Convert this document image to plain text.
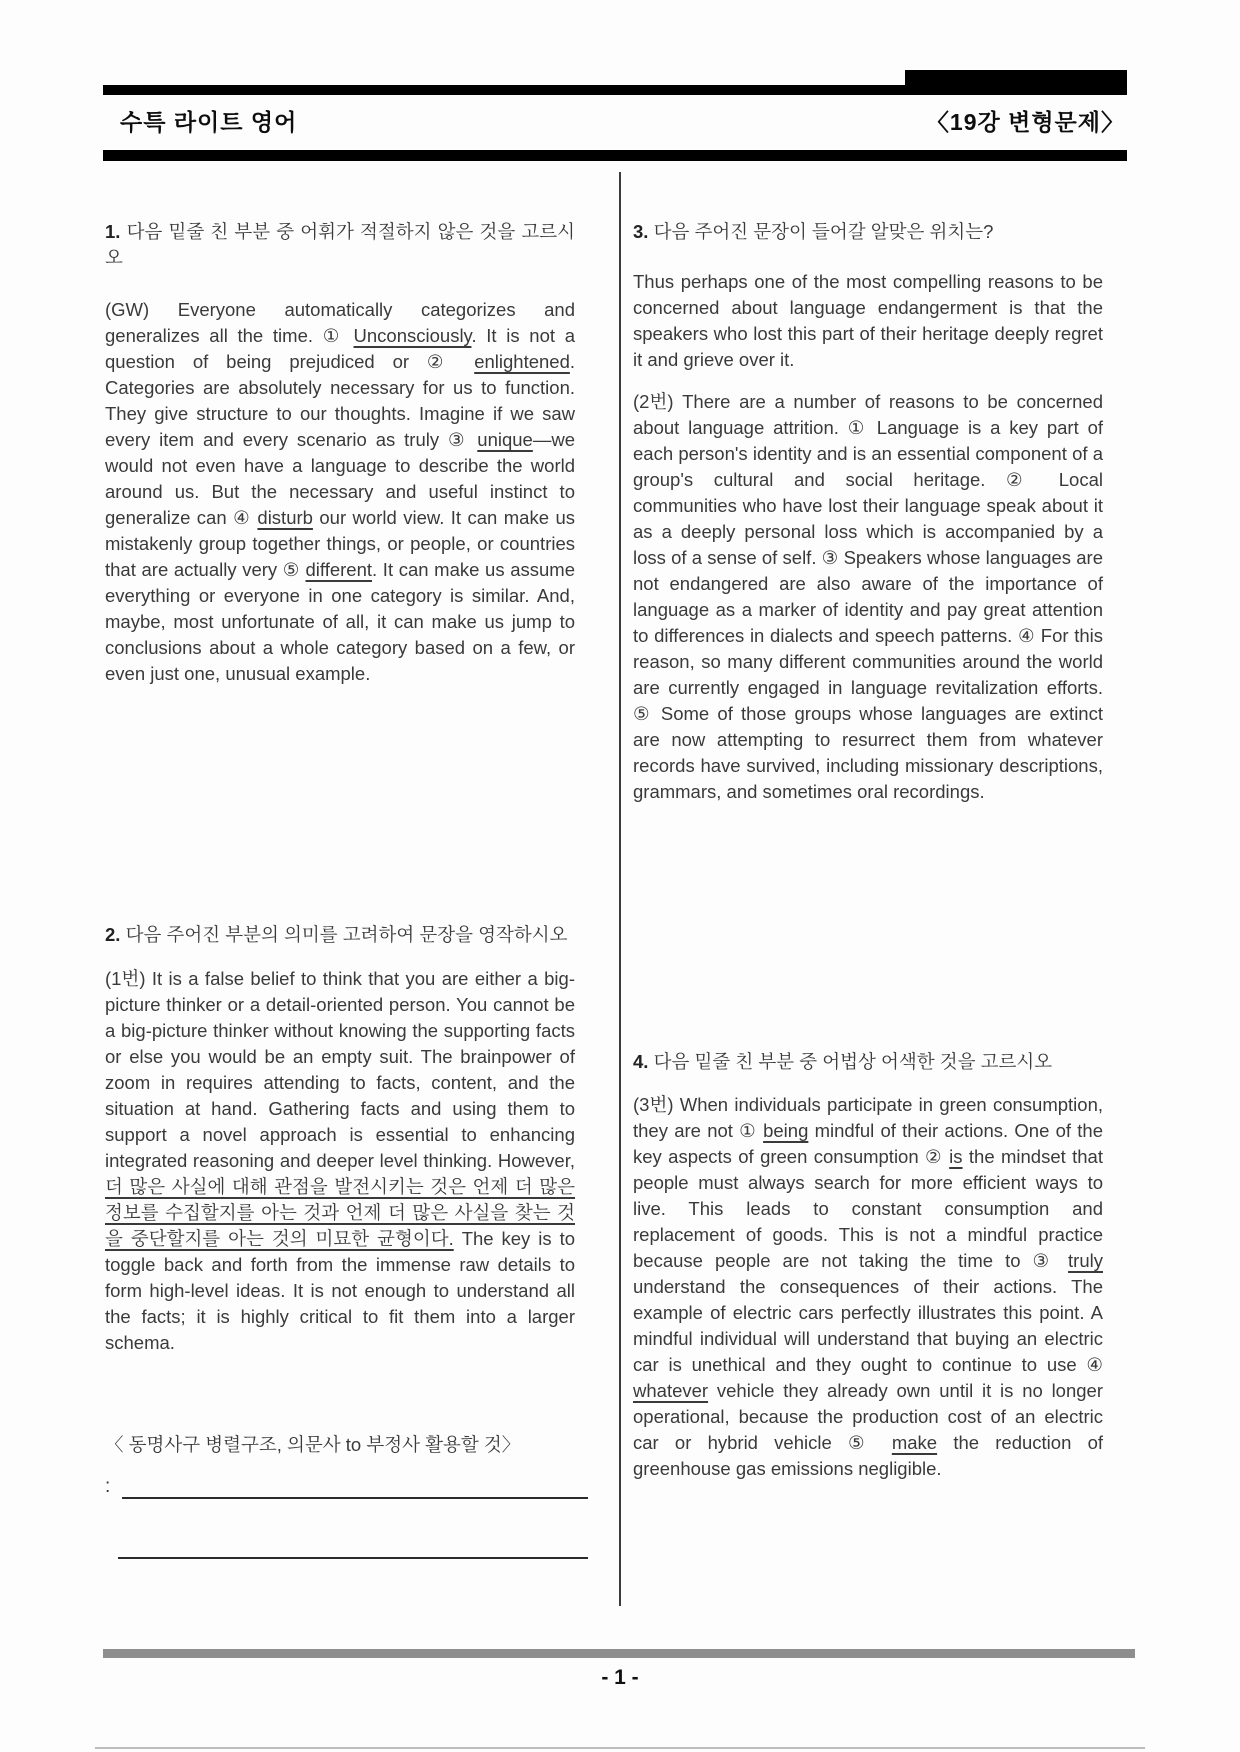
수특 라이트 영어	〈19강 변형문제〉

1. 다음 밑줄 친 부분 중 어휘가 적절하지 않은 것을 고르시오

(GW) Everyone automatically categorizes and generalizes all the time. ① Unconsciously. It is not a question of being prejudiced or ② enlightened. Categories are absolutely necessary for us to function. They give structure to our thoughts. Imagine if we saw every item and every scenario as truly ③ unique—we would not even have a language to describe the world around us. But the necessary and useful instinct to generalize can ④ disturb our world view. It can make us mistakenly group together things, or people, or countries that are actually very ⑤ different. It can make us assume everything or everyone in one category is similar. And, maybe, most unfortunate of all, it can make us jump to conclusions about a whole category based on a few, or even just one, unusual example.

2. 다음 주어진 부분의 의미를 고려하여 문장을 영작하시오

(1번) It is a false belief to think that you are either a big-picture thinker or a detail-oriented person. You cannot be a big-picture thinker without knowing the supporting facts or else you would be an empty suit. The brainpower of zoom in requires attending to facts, content, and the situation at hand. Gathering facts and using them to support a novel approach is essential to enhancing integrated reasoning and deeper level thinking. However, 더 많은 사실에 대해 관점을 발전시키는 것은 언제 더 많은 정보를 수집할지를 아는 것과 언제 더 많은 사실을 찾는 것을 중단할지를 아는 것의 미묘한 균형이다. The key is to toggle back and forth from the immense raw details to form high-level ideas. It is not enough to understand all the facts; it is highly critical to fit them into a larger schema.

〈 동명사구 병렬구조, 의문사 to 부정사 활용할 것〉

:

3. 다음 주어진 문장이 들어갈 알맞은 위치는?

Thus perhaps one of the most compelling reasons to be concerned about language endangerment is that the speakers who lost this part of their heritage deeply regret it and grieve over it.

(2번) There are a number of reasons to be concerned about language attrition. ① Language is a key part of each person's identity and is an essential component of a group's cultural and social heritage. ② Local communities who have lost their language speak about it as a deeply personal loss which is accompanied by a loss of a sense of self. ③ Speakers whose languages are not endangered are also aware of the importance of language as a marker of identity and pay great attention to differences in dialects and speech patterns. ④ For this reason, so many different communities around the world are currently engaged in language revitalization efforts. ⑤ Some of those groups whose languages are extinct are now attempting to resurrect them from whatever records have survived, including missionary descriptions, grammars, and sometimes oral recordings.

4. 다음 밑줄 친 부분 중 어법상 어색한 것을 고르시오

(3번) When individuals participate in green consumption, they are not ① being mindful of their actions. One of the key aspects of green consumption ② is the mindset that people must always search for more efficient ways to live. This leads to constant consumption and replacement of goods. This is not a mindful practice because people are not taking the time to ③ truly understand the consequences of their actions. The example of electric cars perfectly illustrates this point. A mindful individual will understand that buying an electric car is unethical and they ought to continue to use ④ whatever vehicle they already own until it is no longer operational, because the production cost of an electric car or hybrid vehicle ⑤ make the reduction of greenhouse gas emissions negligible.

- 1 -
